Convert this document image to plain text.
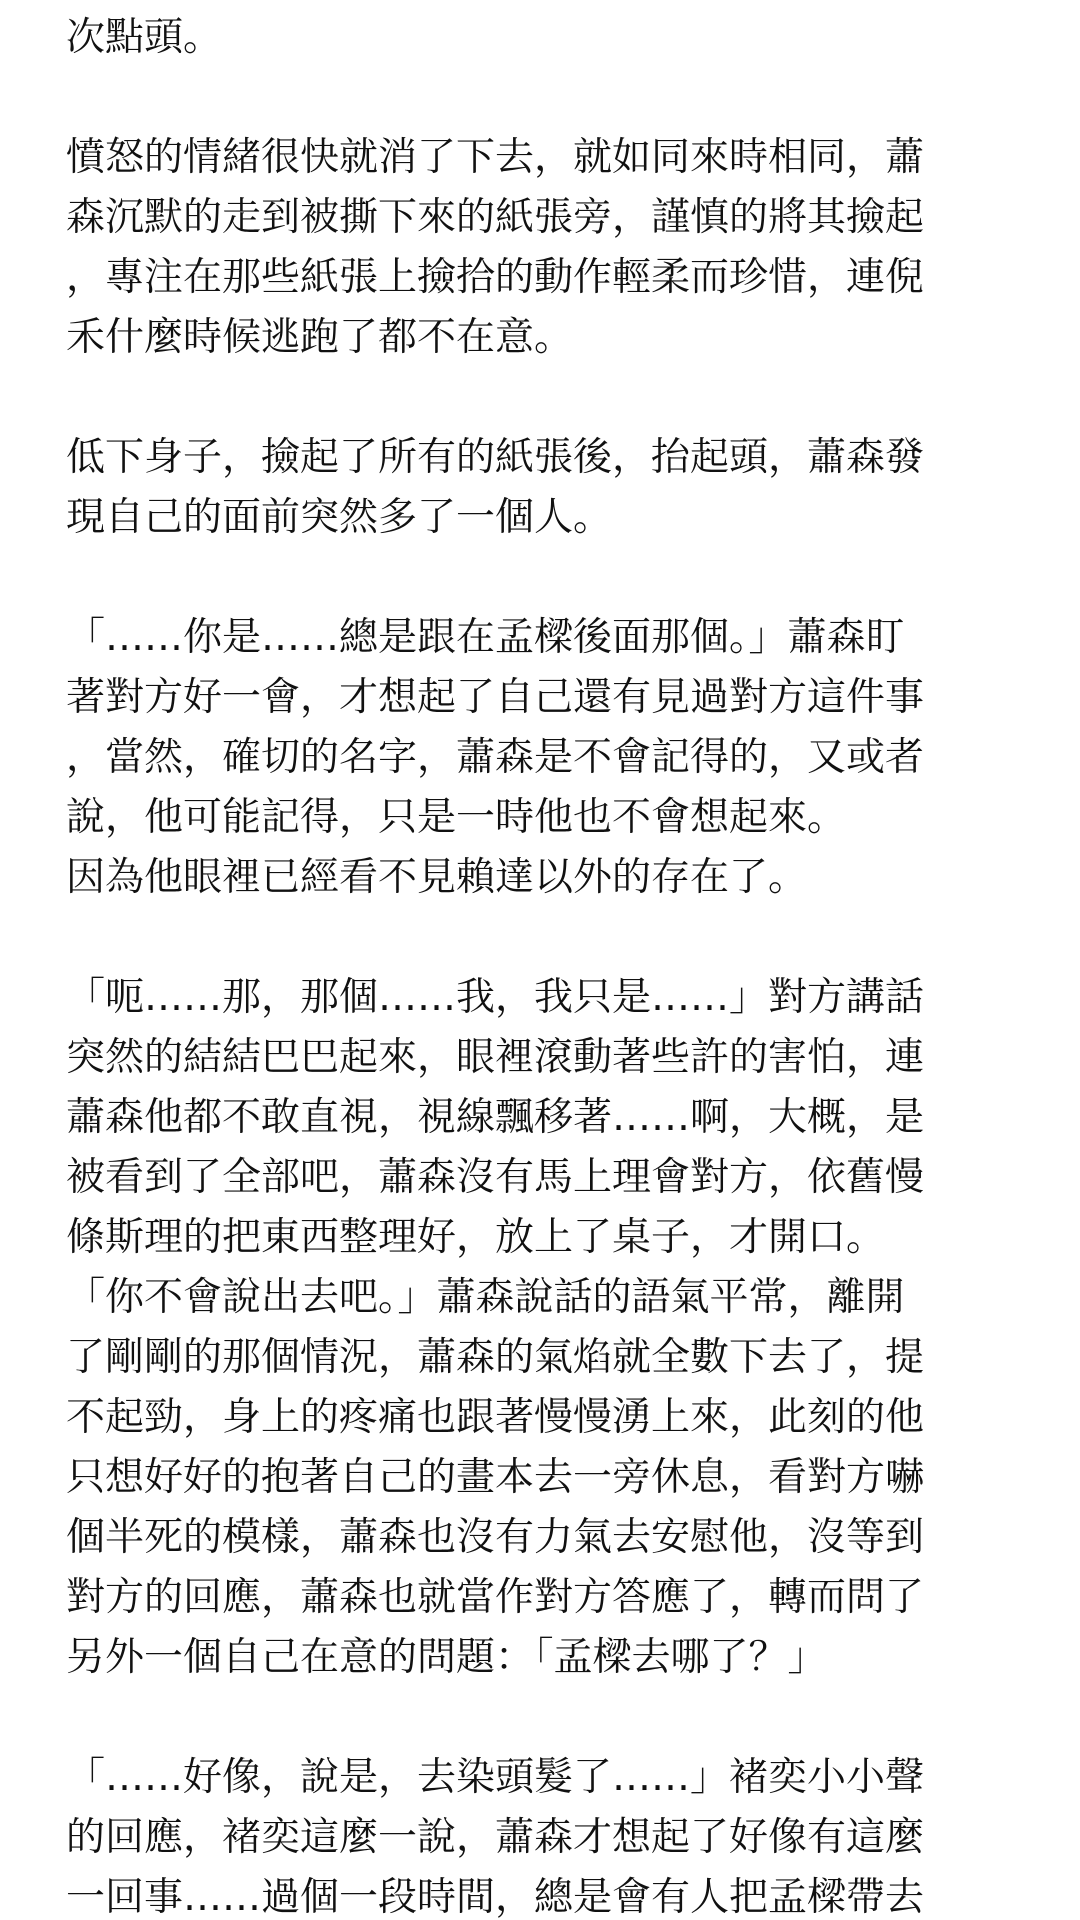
次點頭。
憤怒的情緒很快就消了下去，就如同來時相同，蕭
森沉默的走到被撕下來的紙張旁，謹慎的將其撿起
，專注在那些紙張上撿拾的動作輕柔而珍惜，連倪
禾什麼時候逃跑了都不在意。
低下身子，撿起了所有的紙張後，抬起頭，蕭森發
現自己的面前突然多了一個人。
「……你是……總是跟在孟樑後面那個。」蕭森盯
著對方好一會，才想起了自己還有見過對方這件事
，當然，確切的名字，蕭森是不會記得的，又或者
說，他可能記得，只是一時他也不會想起來。
因為他眼裡已經看不見賴達以外的存在了。
「呃……那，那個……我，我只是……」對方講話
突然的結結巴巴起來，眼裡滾動著些許的害怕，連
蕭森他都不敢直視，視線飄移著……啊，大概，是
被看到了全部吧，蕭森沒有馬上理會對方，依舊慢
條斯理的把東西整理好，放上了桌子，才開口。
「你不會說出去吧。」蕭森說話的語氣平常，離開
了剛剛的那個情況，蕭森的氣焰就全數下去了，提
不起勁，身上的疼痛也跟著慢慢湧上來，此刻的他
只想好好的抱著自己的畫本去一旁休息，看對方嚇
個半死的模樣，蕭森也沒有力氣去安慰他，沒等到
對方的回應，蕭森也就當作對方答應了，轉而問了
另外一個自己在意的問題：「孟樑去哪了？」
「……好像，說是，去染頭髮了……」褚奕小小聲
的回應，褚奕這麼一說，蕭森才想起了好像有這麼
一回事……過個一段時間，總是會有人把孟樑帶去
